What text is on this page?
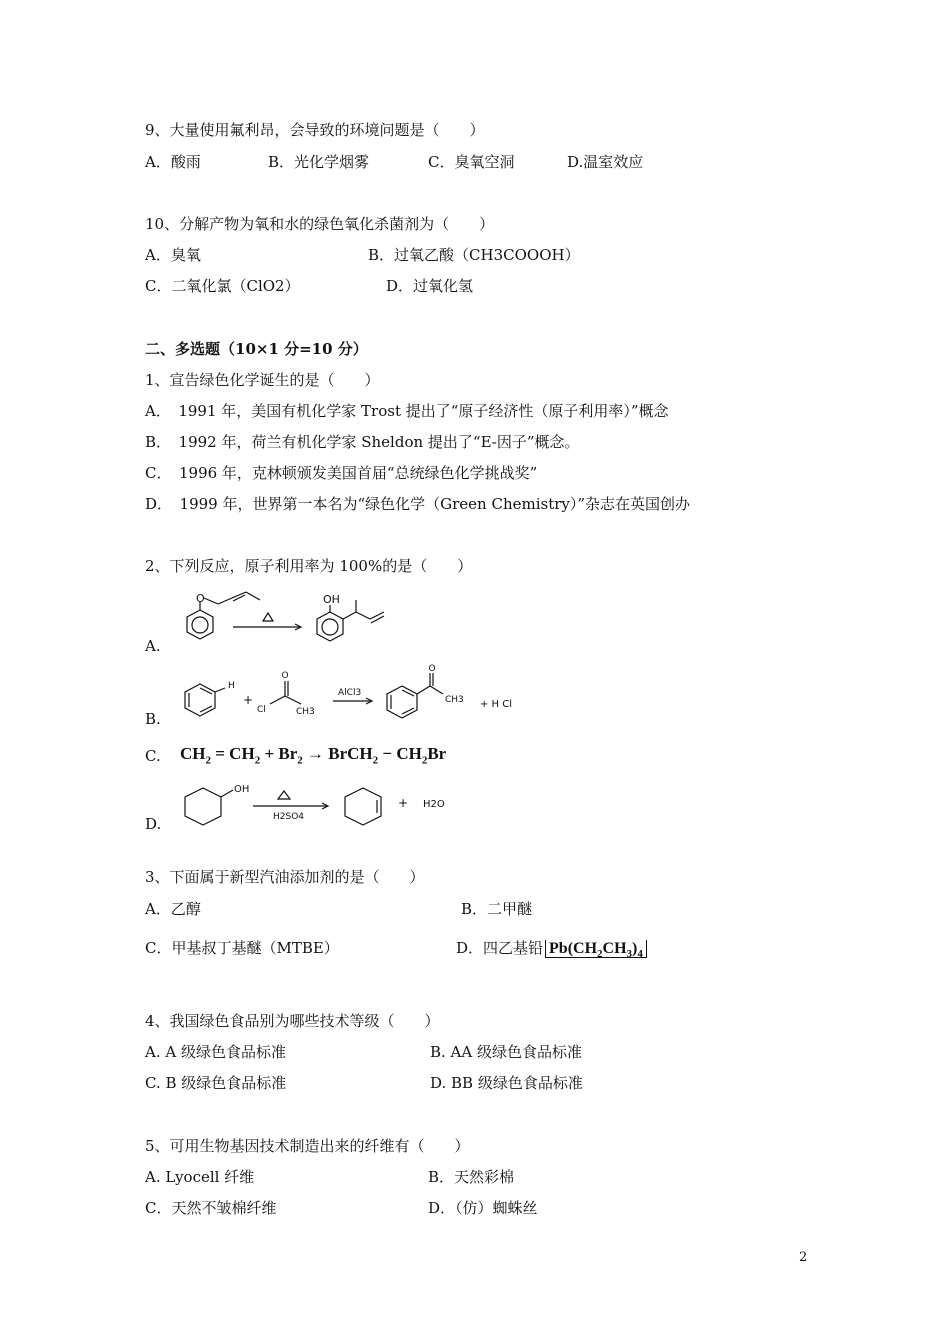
9、大量使用氟利昂，会导致的环境问题是（　　）
A．酸雨	B．光化学烟雾	C．臭氧空洞	D.温室效应
10、分解产物为氧和水的绿色氧化杀菌剂为（　　）
A．臭氧	B．过氧乙酸（CH3COOOH）
C．二氧化氯（ClO2）	D．过氧化氢
二、多选题（10×1 分=10 分）
1、宣告绿色化学诞生的是（　　）
A．　1991 年，美国有机化学家 Trost 提出了“原子经济性（原子利用率）”概念
B．　1992 年，荷兰有机化学家 Sheldon 提出了“E-因子”概念。
C．　1996 年，克林顿颁发美国首届“总统绿色化学挑战奖”
D．　1999 年，世界第一本名为“绿色化学（Green Chemistry）”杂志在英国创办
2、下列反应，原子利用率为 100%的是（　　）
A.
O	OH
B.
H
+
O
Cl	CH3
AlCl3
O
CH3 + H Cl
C. $CH_2 = CH_2 + Br_2$ → BrCH$_2$ − $CH_2Br$
D.
OH
H2SO4
+ H2O
3、下面属于新型汽油添加剂的是（　　）
A．乙醇	B．二甲醚
C．甲基叔丁基醚（MTBE）	D．四乙基铅 $Pb(CH_2CH_3)_4$
4、我国绿色食品别为哪些技术等级（　　）
A. A 级绿色食品标准	B. AA 级绿色食品标准
C. B 级绿色食品标准	D. BB 级绿色食品标准
5、可用生物基因技术制造出来的纤维有（　　）
A. Lyocell 纤维	B．天然彩棉
C．天然不皱棉纤维	D．（仿）蜘蛛丝
2
